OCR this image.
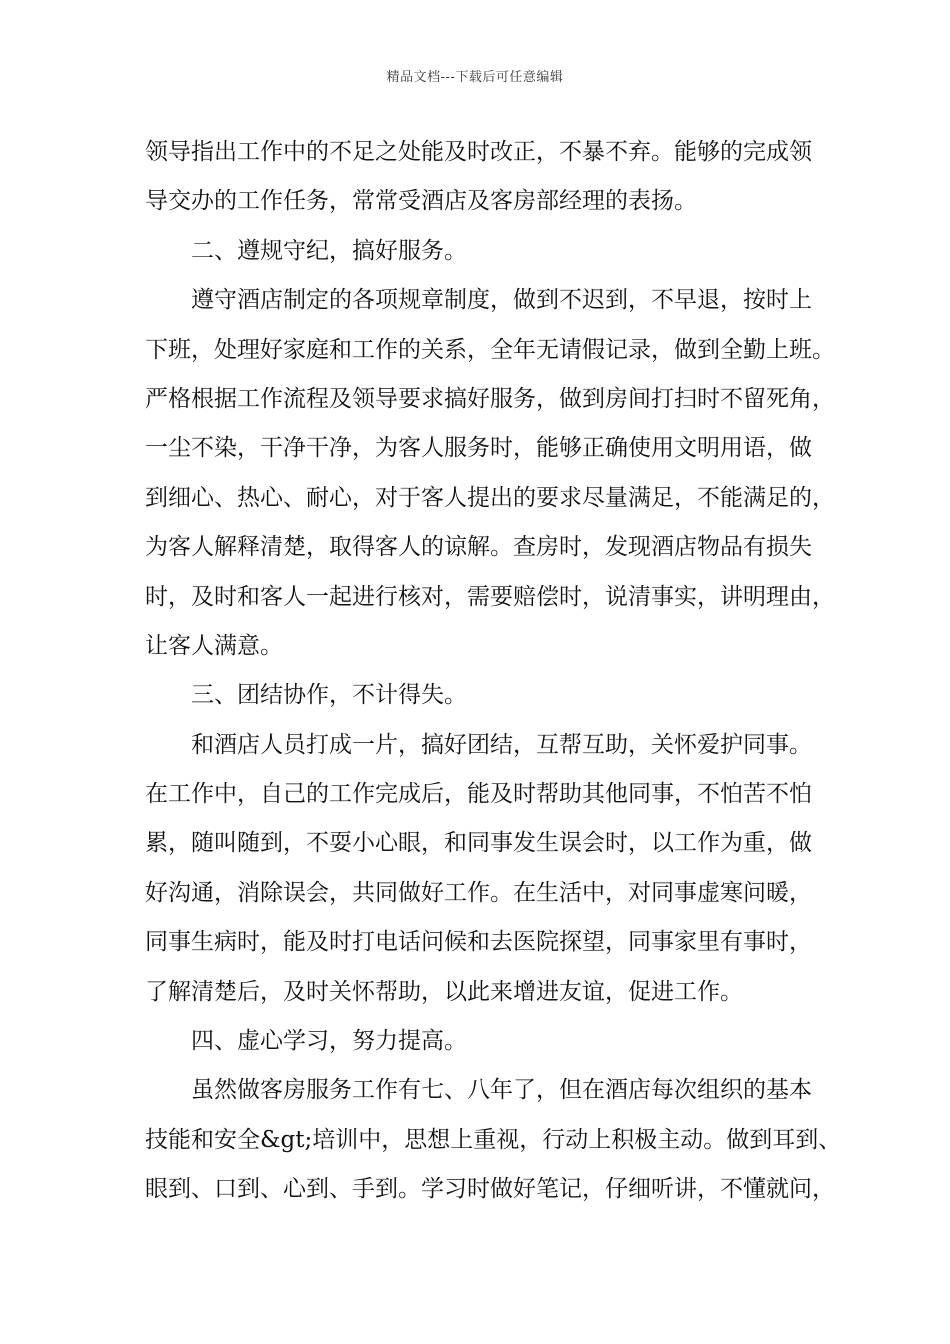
精品文档---下载后可任意编辑
领导指出工作中的不足之处能及时改正，不暴不弃。能够的完成领
导交办的工作任务，常常受酒店及客房部经理的表扬。
二、遵规守纪，搞好服务。
遵守酒店制定的各项规章制度，做到不迟到，不早退，按时上
下班，处理好家庭和工作的关系，全年无请假记录，做到全勤上班。
严格根据工作流程及领导要求搞好服务，做到房间打扫时不留死角，
一尘不染，干净干净，为客人服务时，能够正确使用文明用语，做
到细心、热心、耐心，对于客人提出的要求尽量满足，不能满足的，
为客人解释清楚，取得客人的谅解。查房时，发现酒店物品有损失
时，及时和客人一起进行核对，需要赔偿时，说清事实，讲明理由，
让客人满意。
三、团结协作，不计得失。
和酒店人员打成一片，搞好团结，互帮互助，关怀爱护同事。
在工作中，自己的工作完成后，能及时帮助其他同事，不怕苦不怕
累，随叫随到，不耍小心眼，和同事发生误会时，以工作为重，做
好沟通，消除误会，共同做好工作。在生活中，对同事虚寒问暖，
同事生病时，能及时打电话问候和去医院探望，同事家里有事时，
了解清楚后，及时关怀帮助，以此来增进友谊，促进工作。
四、虚心学习，努力提高。
虽然做客房服务工作有七、八年了，但在酒店每次组织的基本
技能和安全&gt;培训中，思想上重视，行动上积极主动。做到耳到、
眼到、口到、心到、手到。学习时做好笔记，仔细听讲，不懂就问，
